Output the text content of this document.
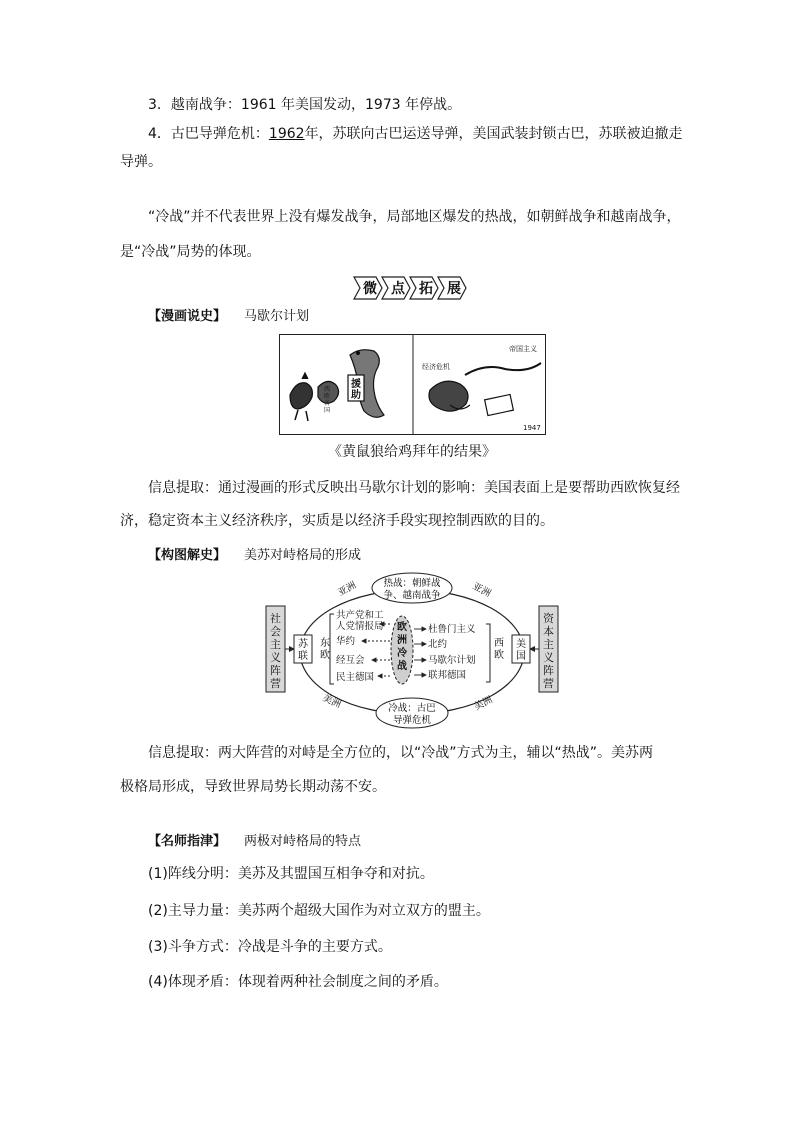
3．越南战争：1961 年美国发动，1973 年停战。
4．古巴导弹危机：1962年，苏联向古巴运送导弹，美国武装封锁古巴，苏联被迫撤走
导弹。
“冷战”并不代表世界上没有爆发战争，局部地区爆发的热战，如朝鲜战争和越南战争，
是“冷战”局势的体现。
微 点 拓 展
【漫画说史】 马歇尔计划
援
助
西
欧
各
国
帝国主义
经济危机
1947
《黄鼠狼给鸡拜年的结果》
信息提取：通过漫画的形式反映出马歇尔计划的影响：美国表面上是要帮助西欧恢复经
济，稳定资本主义经济秩序，实质是以经济手段实现控制西欧的目的。
【构图解史】 美苏对峙格局的形成
社
会
主
义
阵
营
资
本
主
义
阵
营
苏
联
美
国
东
欧
西
欧
共产党和工
人党情报局
华约
经互会
民主德国
杜鲁门主义
北约
马歇尔计划
联邦德国
欧
洲
冷
战
热战：朝鲜战
争、越南战争
冷战：古巴
导弹危机
亚洲	亚洲
美洲	美洲
信息提取：两大阵营的对峙是全方位的，以“冷战”方式为主，辅以“热战”。美苏两
极格局形成，导致世界局势长期动荡不安。
【名师指津】 两极对峙格局的特点
(1)阵线分明：美苏及其盟国互相争夺和对抗。
(2)主导力量：美苏两个超级大国作为对立双方的盟主。
(3)斗争方式：冷战是斗争的主要方式。
(4)体现矛盾：体现着两种社会制度之间的矛盾。
